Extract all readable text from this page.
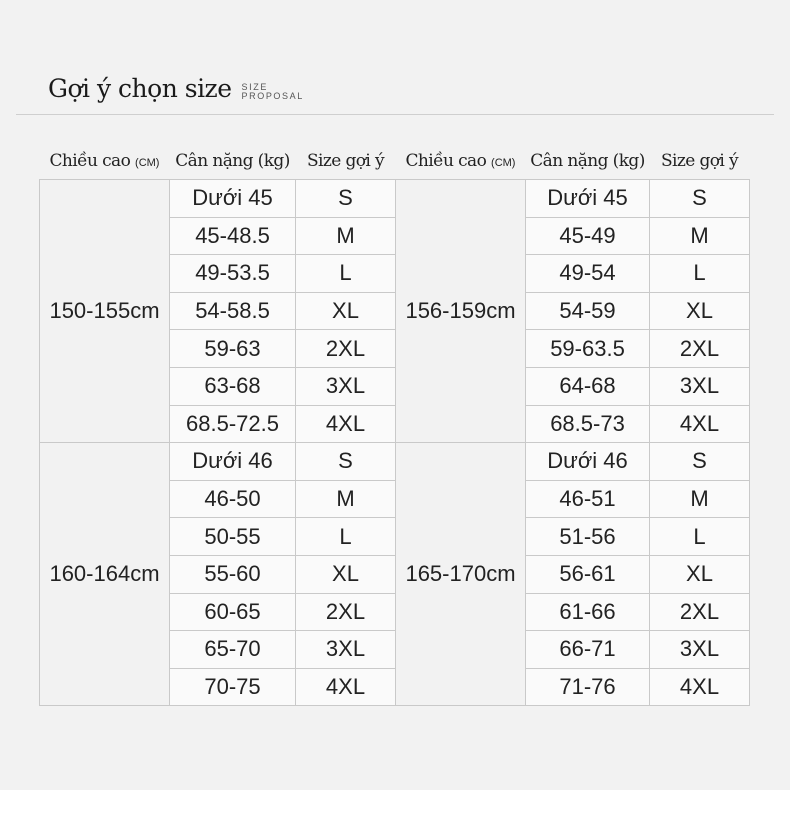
Gợi ý chọn size SIZE
PROPOSAL
Chiều cao (CM)	Cân nặng (kg)	Size gợi ý	Chiều cao (CM)	Cân nặng (kg)	Size gợi ý
150-155cm	Dưới 45	S	156-159cm	Dưới 45	S
	45-48.5	M		45-49	M
	49-53.5	L		49-54	L
	54-58.5	XL		54-59	XL
	59-63	2XL		59-63.5	2XL
	63-68	3XL		64-68	3XL
	68.5-72.5	4XL		68.5-73	4XL
160-164cm	Dưới 46	S	165-170cm	Dưới 46	S
	46-50	M		46-51	M
	50-55	L		51-56	L
	55-60	XL		56-61	XL
	60-65	2XL		61-66	2XL
	65-70	3XL		66-71	3XL
	70-75	4XL		71-76	4XL
